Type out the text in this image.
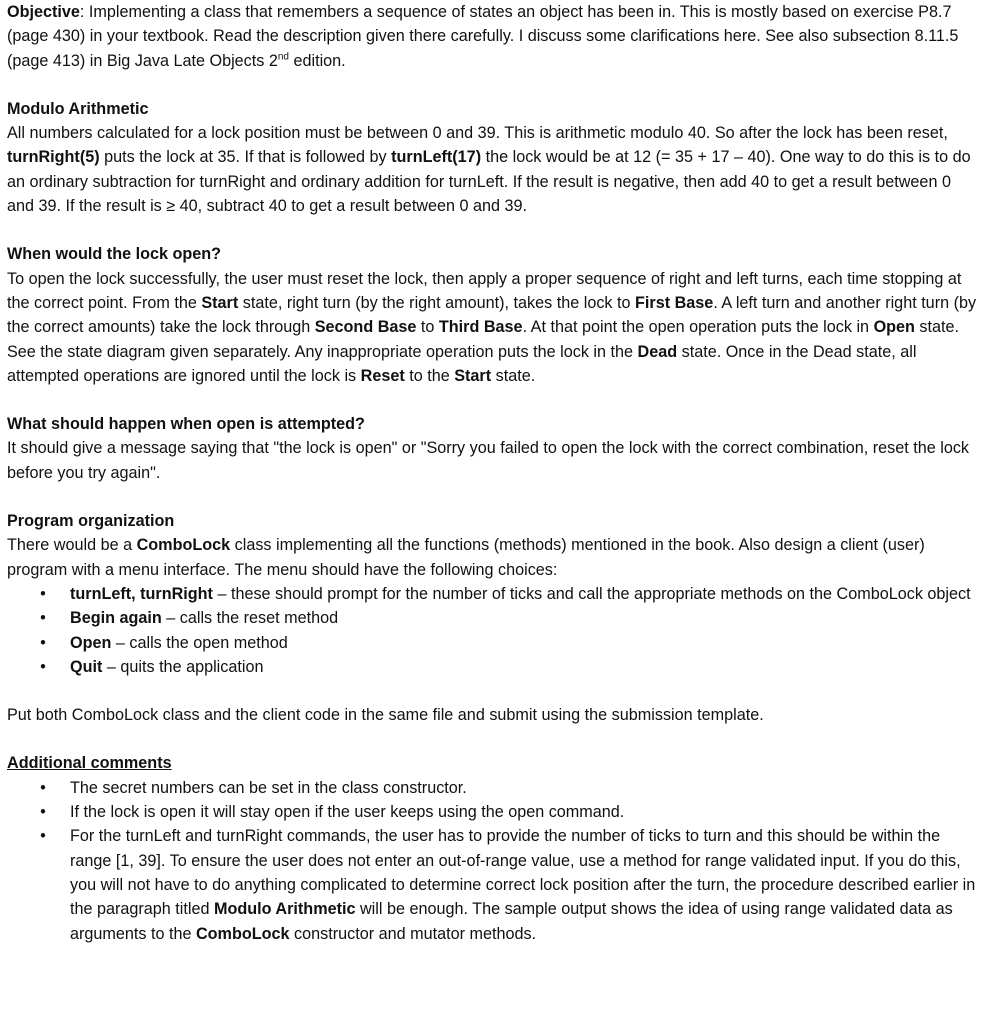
Objective: Implementing a class that remembers a sequence of states an object has been in. This is mostly based on exercise P8.7 (page 430) in your textbook. Read the description given there carefully. I discuss some clarifications here. See also subsection 8.11.5 (page 413) in Big Java Late Objects 2nd edition.

Modulo Arithmetic

All numbers calculated for a lock position must be between 0 and 39. This is arithmetic modulo 40. So after the lock has been reset, turnRight(5) puts the lock at 35. If that is followed by turnLeft(17) the lock would be at 12 (= 35 + 17 – 40). One way to do this is to do an ordinary subtraction for turnRight and ordinary addition for turnLeft. If the result is negative, then add 40 to get a result between 0 and 39. If the result is ≥ 40, subtract 40 to get a result between 0 and 39.

When would the lock open?

To open the lock successfully, the user must reset the lock, then apply a proper sequence of right and left turns, each time stopping at the correct point. From the Start state, right turn (by the right amount), takes the lock to First Base. A left turn and another right turn (by the correct amounts) take the lock through Second Base to Third Base. At that point the open operation puts the lock in Open state. See the state diagram given separately. Any inappropriate operation puts the lock in the Dead state. Once in the Dead state, all attempted operations are ignored until the lock is Reset to the Start state.

What should happen when open is attempted?

It should give a message saying that "the lock is open" or "Sorry you failed to open the lock with the correct combination, reset the lock before you try again".

Program organization

There would be a ComboLock class implementing all the functions (methods) mentioned in the book. Also design a client (user) program with a menu interface. The menu should have the following choices:

• turnLeft, turnRight – these should prompt for the number of ticks and call the appropriate methods on the ComboLock object
• Begin again – calls the reset method
• Open – calls the open method
• Quit – quits the application

Put both ComboLock class and the client code in the same file and submit using the submission template.

Additional comments

• The secret numbers can be set in the class constructor.
• If the lock is open it will stay open if the user keeps using the open command.
• For the turnLeft and turnRight commands, the user has to provide the number of ticks to turn and this should be within the range [1, 39]. To ensure the user does not enter an out-of-range value, use a method for range validated input. If you do this, you will not have to do anything complicated to determine correct lock position after the turn, the procedure described earlier in the paragraph titled Modulo Arithmetic will be enough. The sample output shows the idea of using range validated data as arguments to the ComboLock constructor and mutator methods.
